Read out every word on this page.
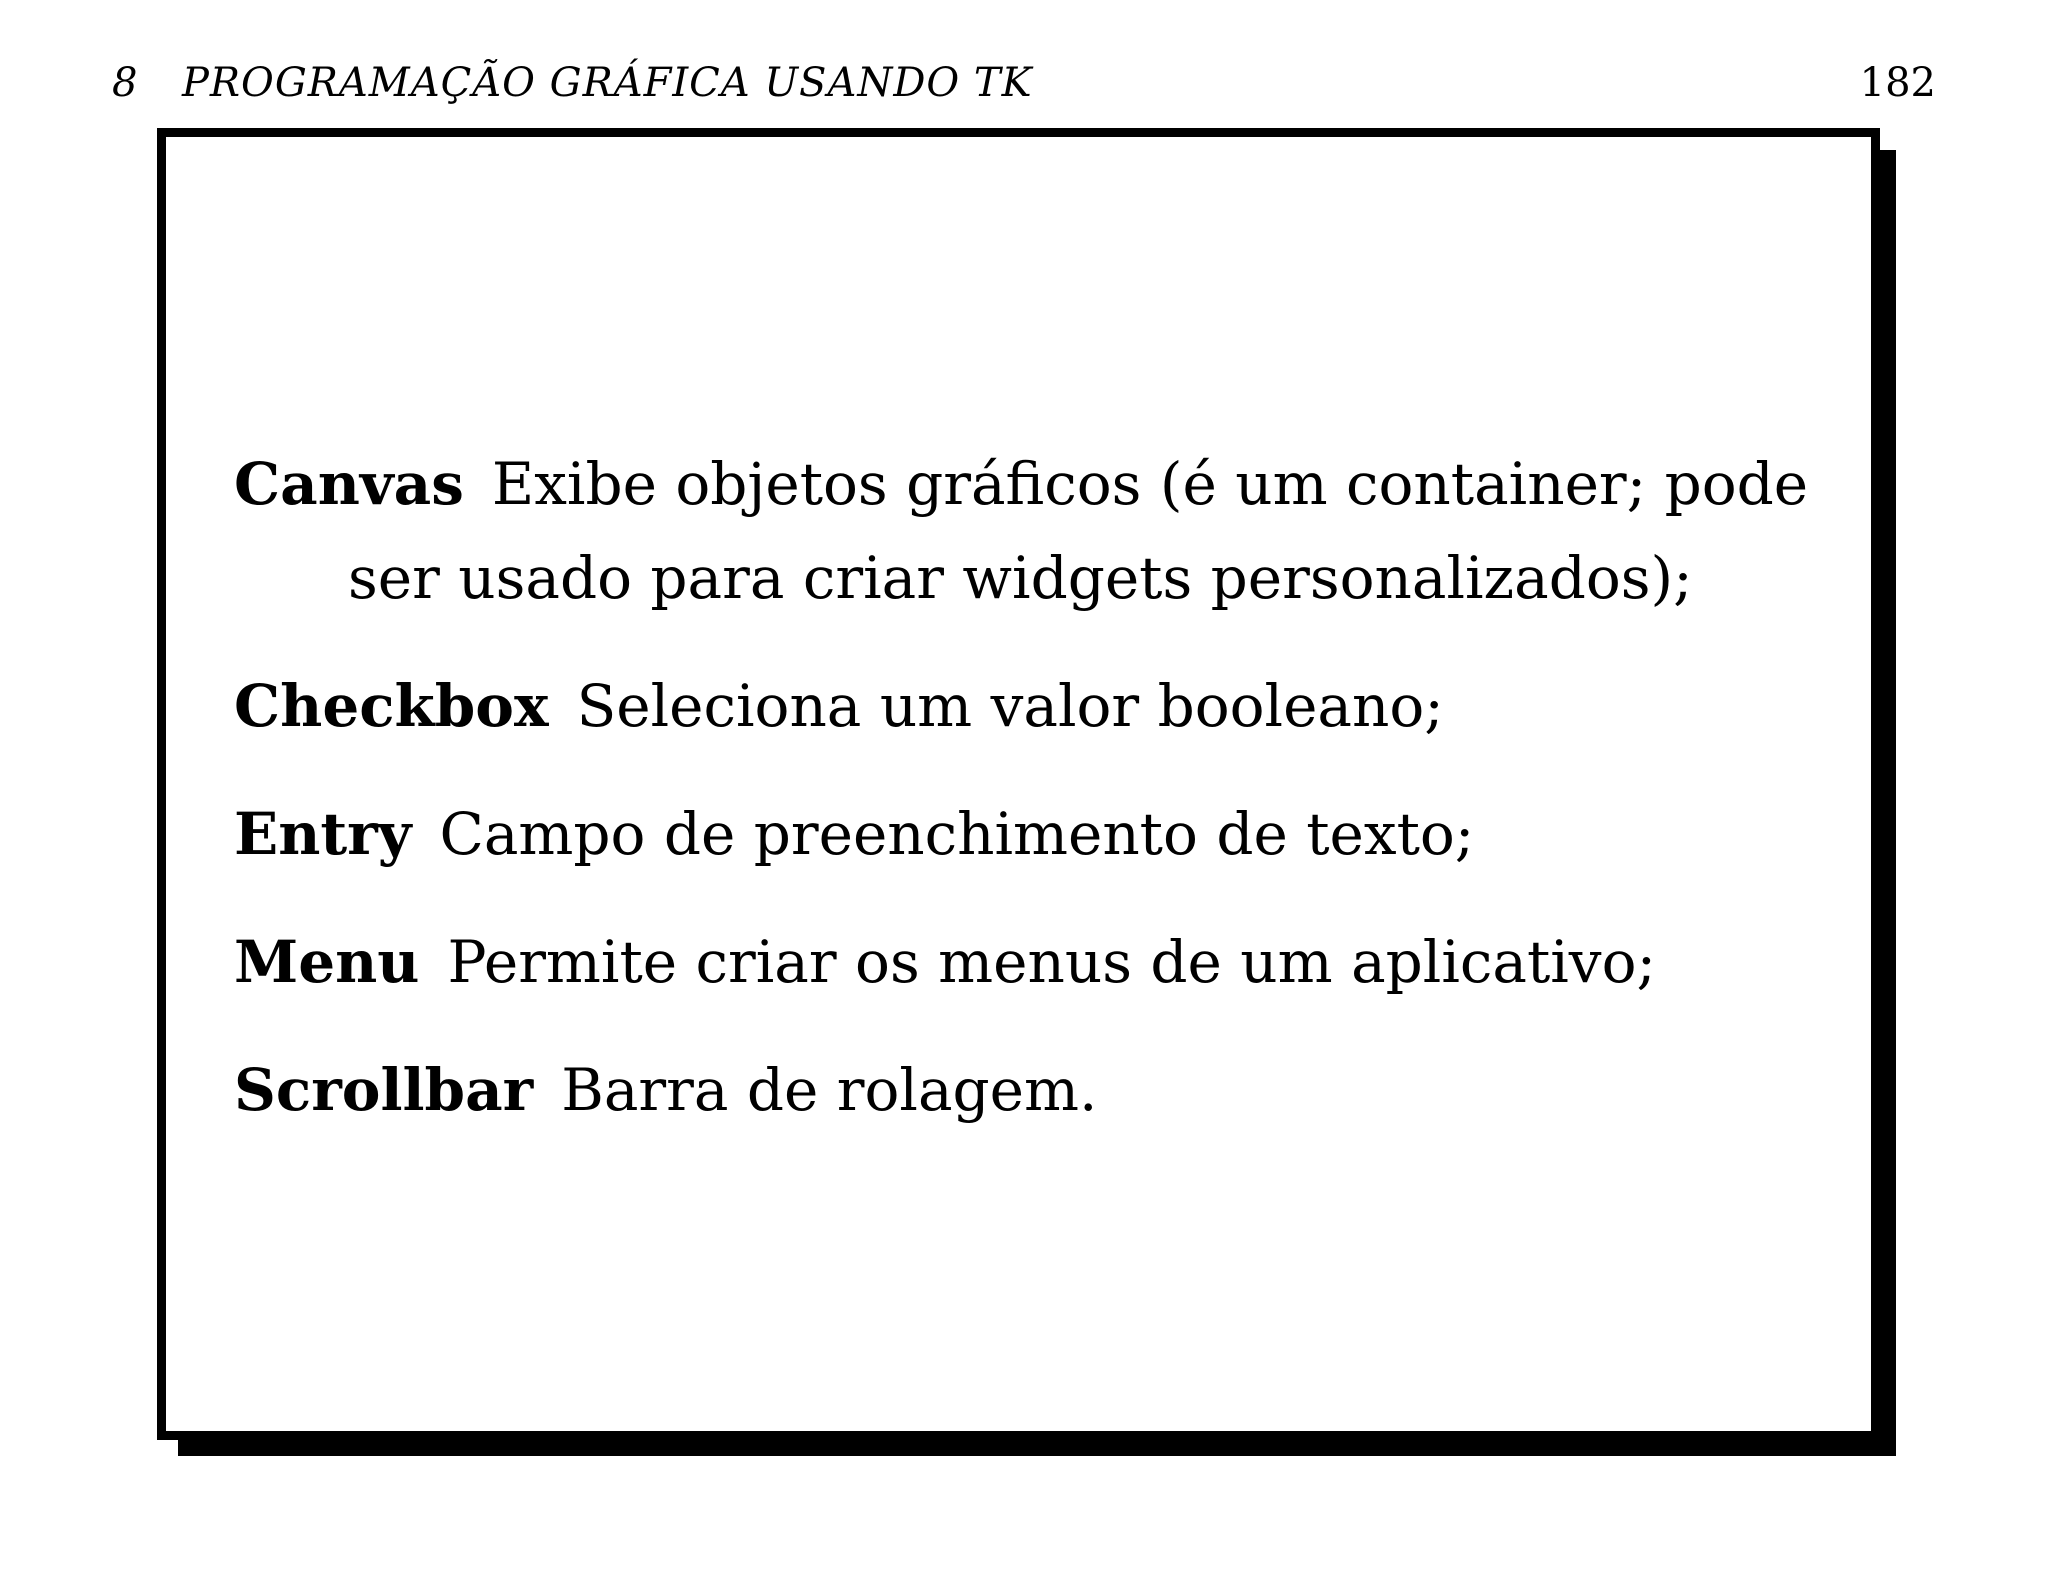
8 PROGRAMAÇÃO GRÁFICA USANDO TK	182

Canvas Exibe objetos gráficos (é um container; pode ser usado para criar widgets personalizados);

Checkbox Seleciona um valor booleano;

Entry Campo de preenchimento de texto;

Menu Permite criar os menus de um aplicativo;

Scrollbar Barra de rolagem.
